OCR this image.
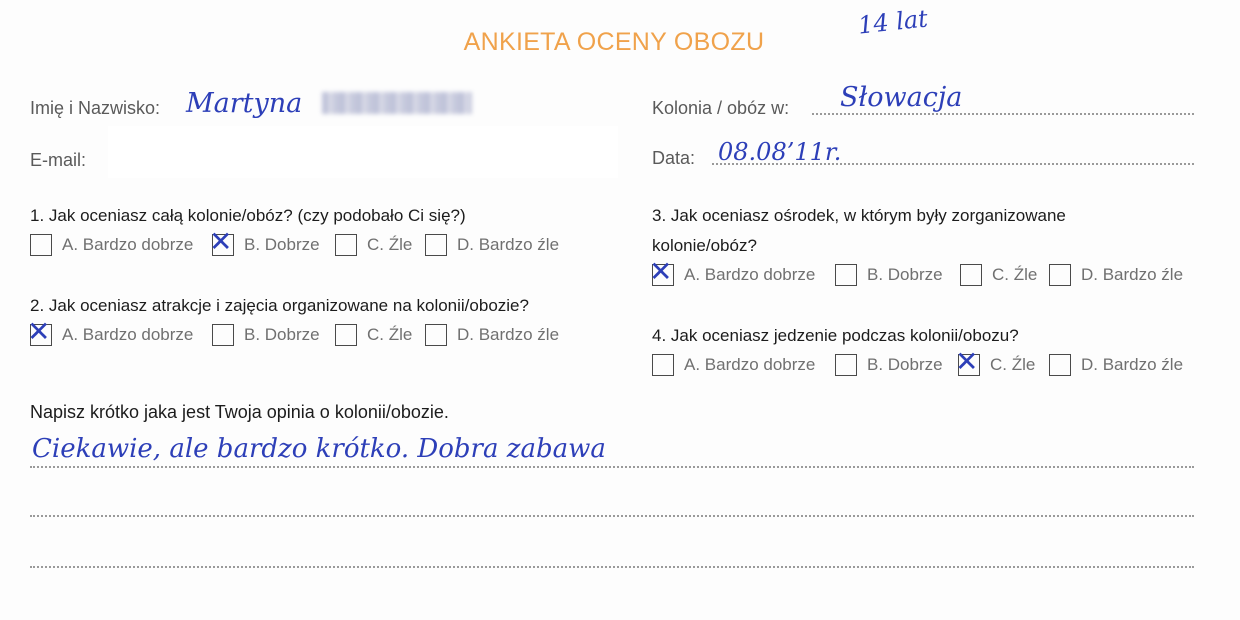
ANKIETA OCENY OBOZU
14 lat
Imię i Nazwisko: Martyna
E-mail:
Kolonia / obóz w: Słowacja
Data: 08.08’11r.
1. Jak oceniasz całą kolonie/obóz? (czy podobało Ci się?)
A. Bardzo dobrze ✕ B. Dobrze	C. Źle	D. Bardzo źle
2. Jak oceniasz atrakcje i zajęcia organizowane na kolonii/obozie?
✕ A. Bardzo dobrze	B. Dobrze	C. Źle	D. Bardzo źle
3. Jak oceniasz ośrodek, w którym były zorganizowane
kolonie/obóz?
✕ A. Bardzo dobrze	B. Dobrze	C. Źle	D. Bardzo źle
4. Jak oceniasz jedzenie podczas kolonii/obozu?
A. Bardzo dobrze	B. Dobrze ✕ C. Źle	D. Bardzo źle
Napisz krótko jaka jest Twoja opinia o kolonii/obozie.
Ciekawie, ale bardzo krótko. Dobra zabawa
